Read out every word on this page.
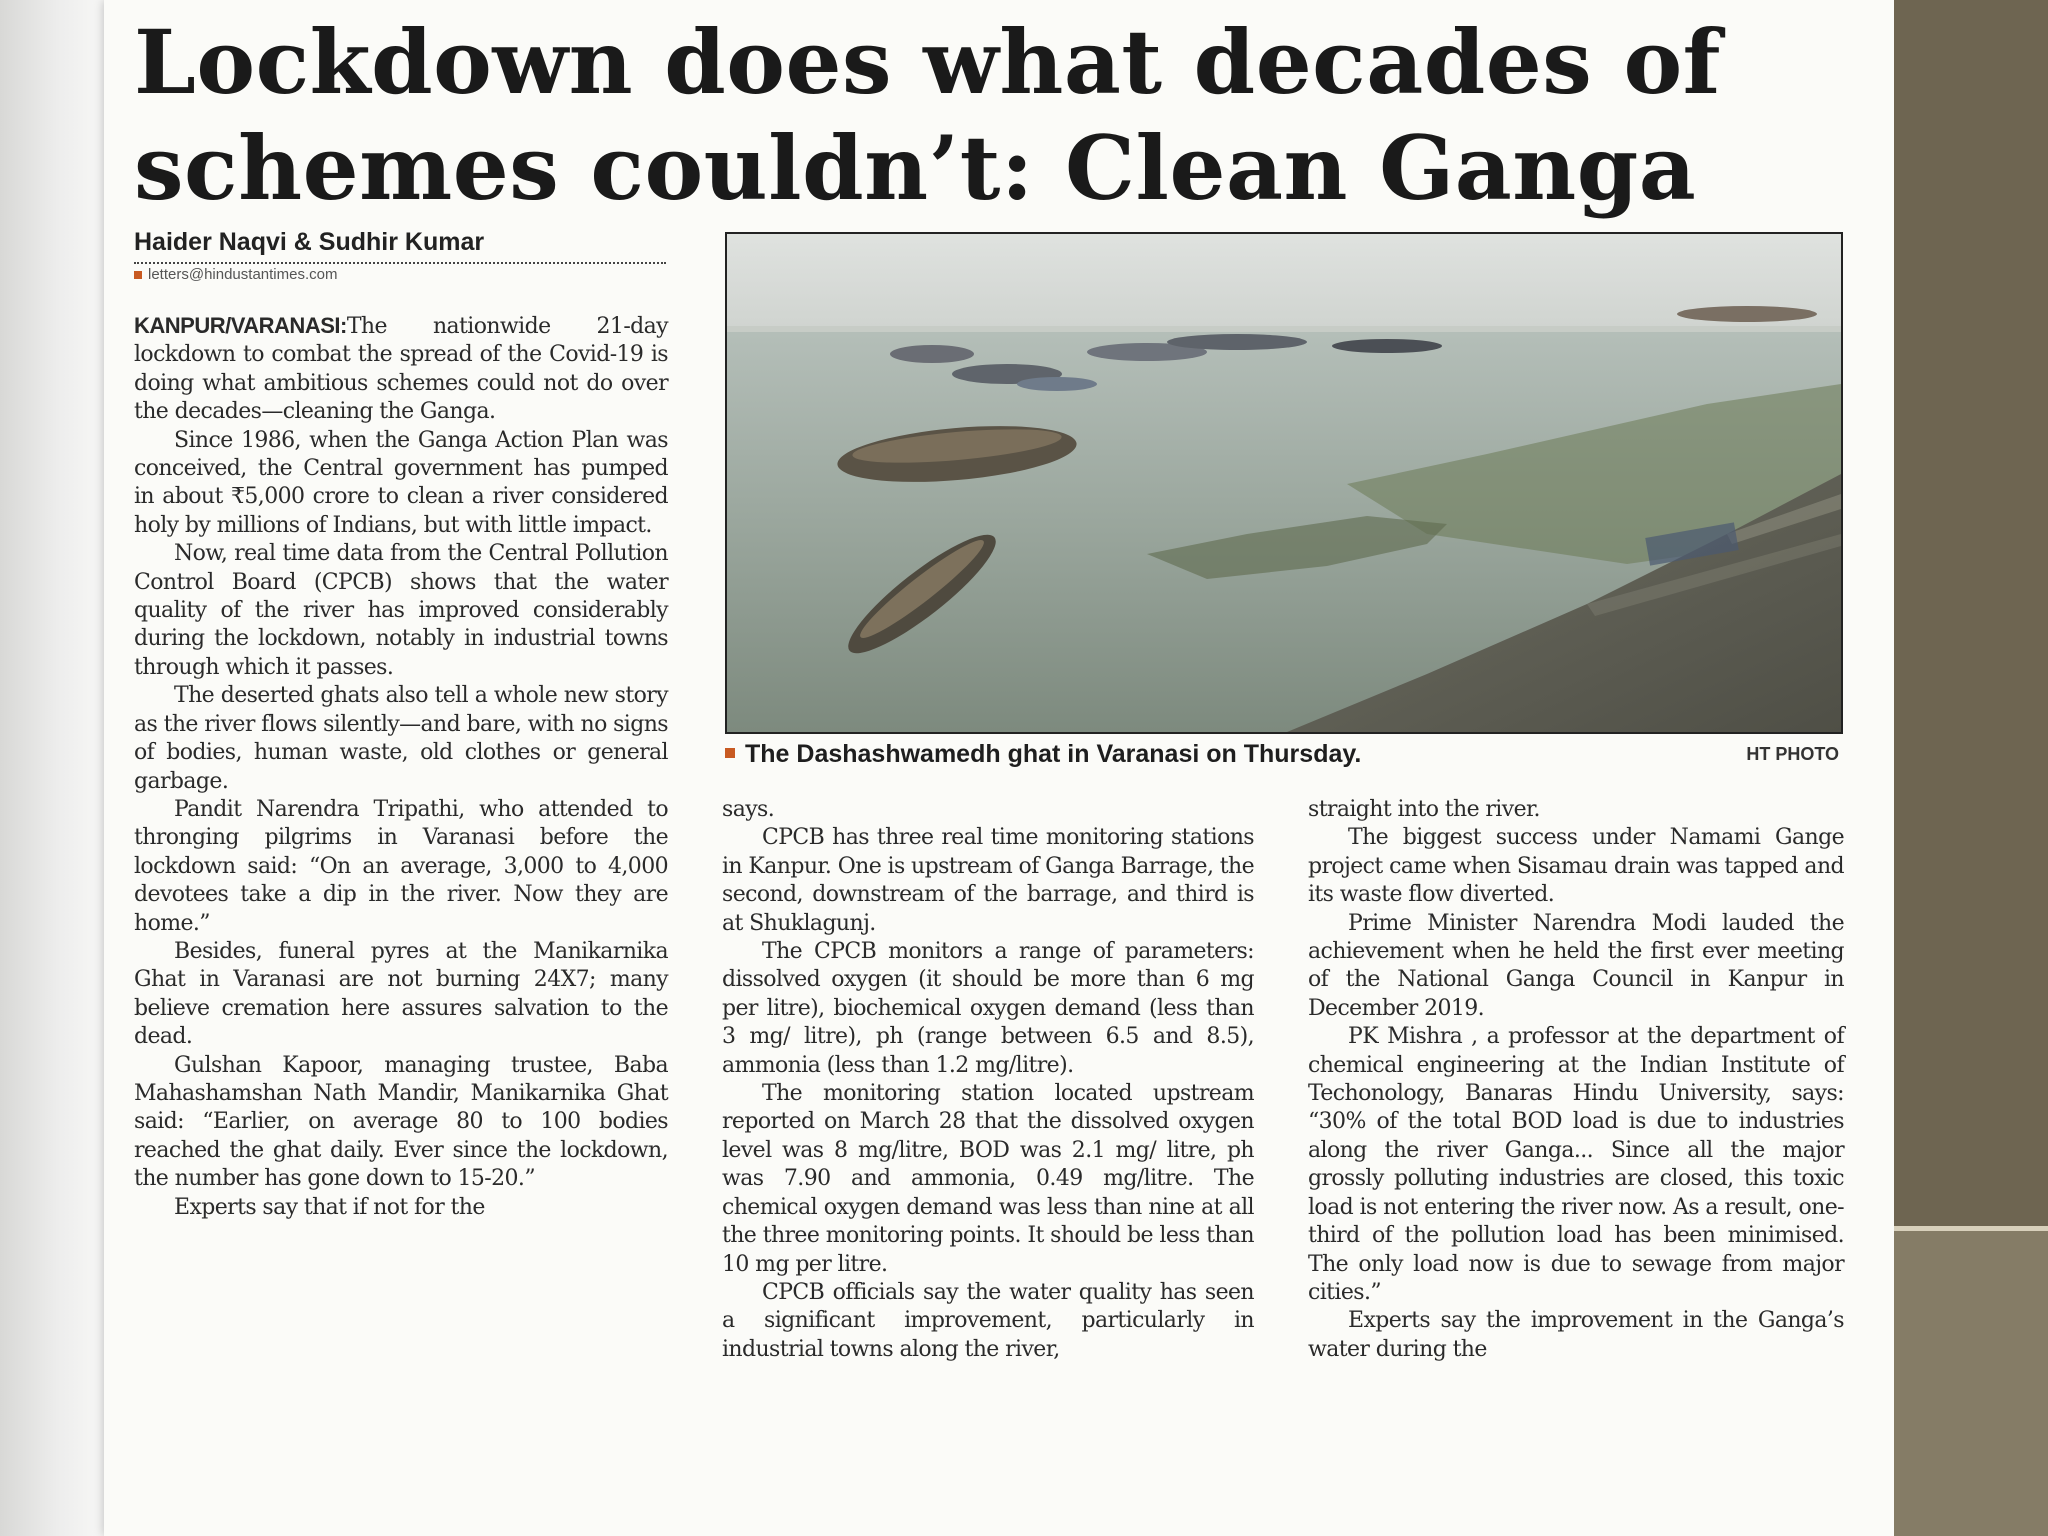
Lockdown does what decades of
schemes couldn’t: Clean Ganga
Haider Naqvi & Sudhir Kumar
letters@hindustantimes.com

KANPUR/VARANASI:The nationwide 21-day lockdown to combat the spread of the Covid-19 is doing what ambitious schemes could not do over the decades—cleaning the Ganga.

Since 1986, when the Ganga Action Plan was conceived, the Central government has pumped in about ₹5,000 crore to clean a river considered holy by millions of Indians, but with little impact.

Now, real time data from the Central Pollution Control Board (CPCB) shows that the water quality of the river has improved considerably during the lockdown, notably in industrial towns through which it passes.

The deserted ghats also tell a whole new story as the river flows silently—and bare, with no signs of bodies, human waste, old clothes or general garbage.

Pandit Narendra Tripathi, who attended to thronging pilgrims in Varanasi before the lockdown said: “On an average, 3,000 to 4,000 devotees take a dip in the river. Now they are home.”

Besides, funeral pyres at the Manikarnika Ghat in Varanasi are not burning 24X7; many believe cremation here assures salvation to the dead.

Gulshan Kapoor, managing trustee, Baba Mahashamshan Nath Mandir, Manikarnika Ghat said: “Earlier, on average 80 to 100 bodies reached the ghat daily. Ever since the lockdown, the number has gone down to 15-20.”

Experts say that if not for the

The Dashashwamedh ghat in Varanasi on Thursday.	HT PHOTO

says.

CPCB has three real time monitoring stations in Kanpur. One is upstream of Ganga Barrage, the second, downstream of the barrage, and third is at Shuklagunj.

The CPCB monitors a range of parameters: dissolved oxygen (it should be more than 6 mg per litre), biochemical oxygen demand (less than 3 mg/ litre), ph (range between 6.5 and 8.5), ammonia (less than 1.2 mg/litre).

The monitoring station located upstream reported on March 28 that the dissolved oxygen level was 8 mg/litre, BOD was 2.1 mg/ litre, ph was 7.90 and ammonia, 0.49 mg/litre. The chemical oxygen demand was less than nine at all the three monitoring points. It should be less than 10 mg per litre.

CPCB officials say the water quality has seen a significant improvement, particularly in industrial towns along the river,

straight into the river.

The biggest success under Namami Gange project came when Sisamau drain was tapped and its waste flow diverted.

Prime Minister Narendra Modi lauded the achievement when he held the first ever meeting of the National Ganga Council in Kanpur in December 2019.

PK Mishra , a professor at the department of chemical engineering at the Indian Institute of Techonology, Banaras Hindu University, says: “30% of the total BOD load is due to industries along the river Ganga... Since all the major grossly polluting industries are closed, this toxic load is not entering the river now. As a result, one-third of the pollution load has been minimised. The only load now is due to sewage from major cities.”

Experts say the improvement in the Ganga’s water during the
